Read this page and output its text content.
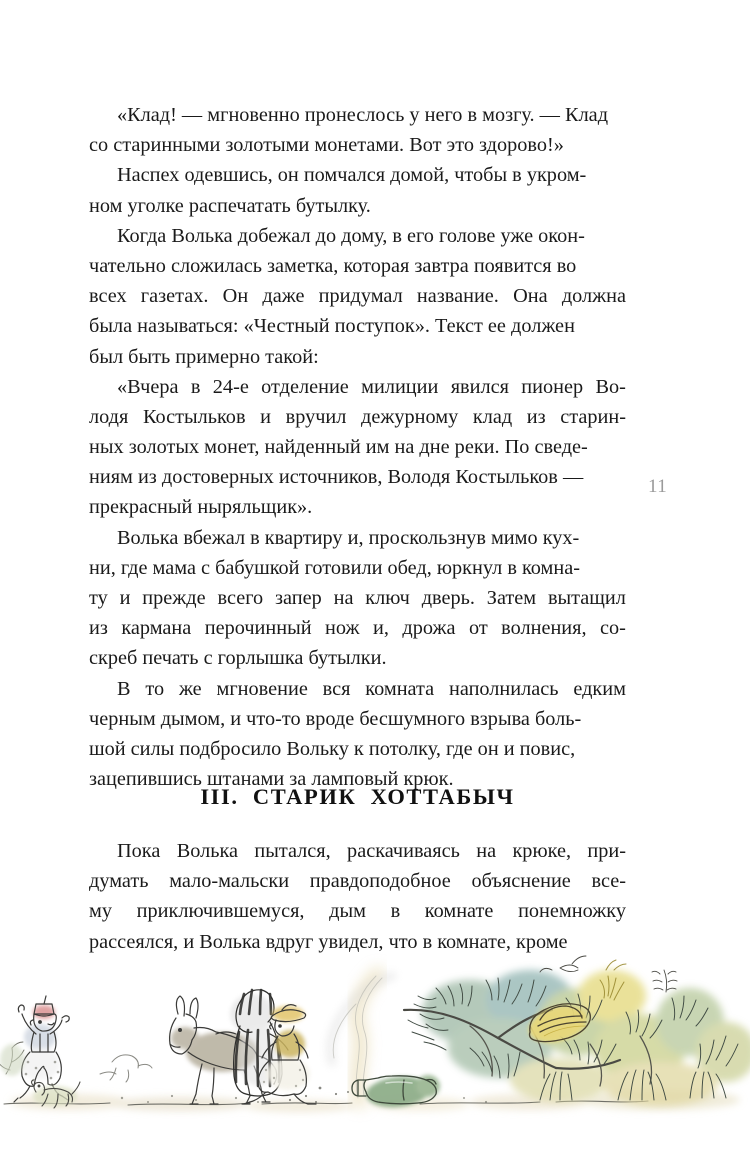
«Клад! — мгновенно пронеслось у него в мозгу. — Клад
со старинными золотыми монетами. Вот это здорово!»
Наспех одевшись, он помчался домой, чтобы в укром-
ном уголке распечатать бутылку.
Когда Волька добежал до дому, в его голове уже окон-
чательно сложилась заметка, которая завтра появится во
всех газетах. Он даже придумал название. Она должна
была называться: «Честный поступок». Текст ее должен
был быть примерно такой:
«Вчера в 24-е отделение милиции явился пионер Во-
лодя Костыльков и вручил дежурному клад из старин-
ных золотых монет, найденный им на дне реки. По сведе-
ниям из достоверных источников, Володя Костыльков —
прекрасный ныряльщик».
Волька вбежал в квартиру и, проскользнув мимо кух-
ни, где мама с бабушкой готовили обед, юркнул в комна-
ту и прежде всего запер на ключ дверь. Затем вытащил
из кармана перочинный нож и, дрожа от волнения, со-
скреб печать с горлышка бутылки.
В то же мгновение вся комната наполнилась едким
черным дымом, и что-то вроде бесшумного взрыва боль-
шой силы подбросило Вольку к потолку, где он и повис,
зацепившись штанами за ламповый крюк.
11
III. СТАРИК ХОТТАБЫЧ
Пока Волька пытался, раскачиваясь на крюке, при-
думать мало-мальски правдоподобное объяснение все-
му приключившемуся, дым в комнате понемножку
рассеялся, и Волька вдруг увидел, что в комнате, кроме
